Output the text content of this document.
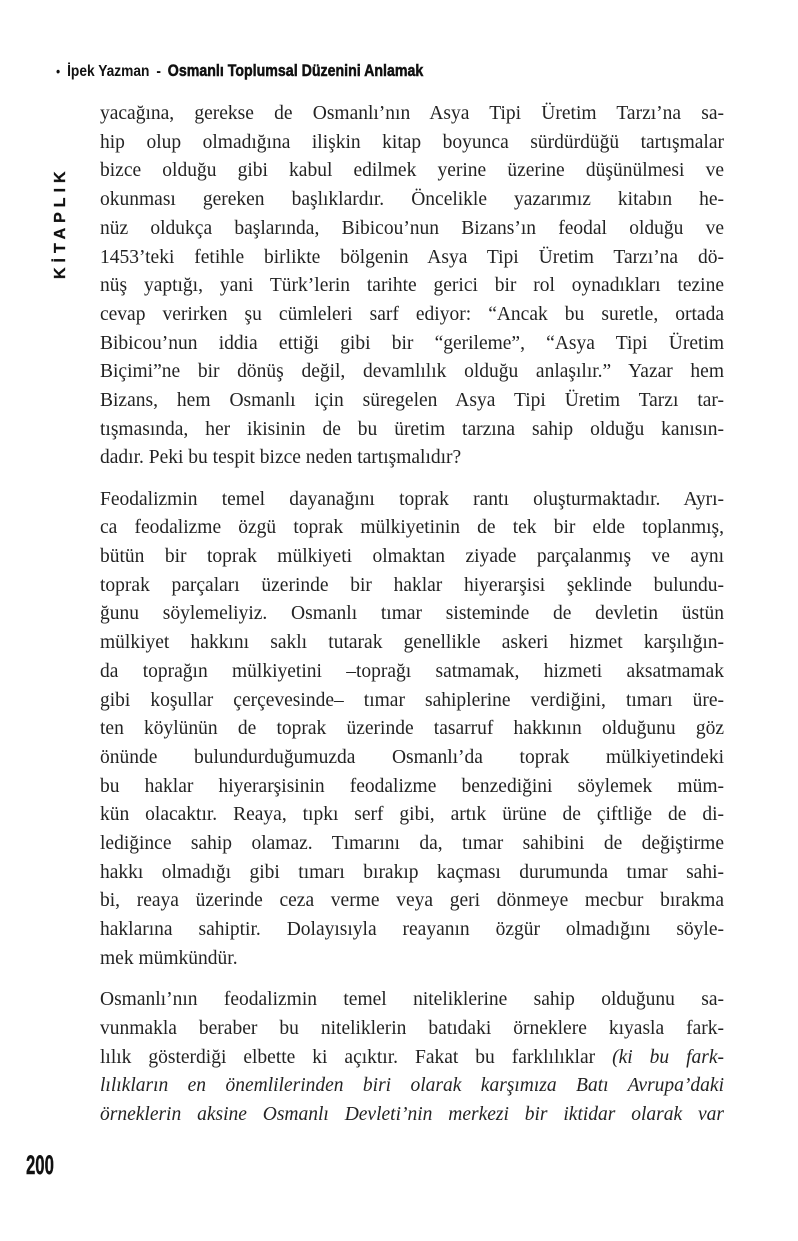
• İpek Yazman - Osmanlı Toplumsal Düzenini Anlamak
KİTAPLIK
yacağına, gerekse de Osmanlı’nın Asya Tipi Üretim Tarzı’na sa-
hip olup olmadığına ilişkin kitap boyunca sürdürdüğü tartışmalar
bizce olduğu gibi kabul edilmek yerine üzerine düşünülmesi ve
okunması gereken başlıklardır. Öncelikle yazarımız kitabın he-
nüz oldukça başlarında, Bibicou’nun Bizans’ın feodal olduğu ve
1453’teki fetihle birlikte bölgenin Asya Tipi Üretim Tarzı’na dö-
nüş yaptığı, yani Türk’lerin tarihte gerici bir rol oynadıkları tezine
cevap verirken şu cümleleri sarf ediyor: “Ancak bu suretle, ortada
Bibicou’nun iddia ettiği gibi bir “gerileme”, “Asya Tipi Üretim
Biçimi”ne bir dönüş değil, devamlılık olduğu anlaşılır.” Yazar hem
Bizans, hem Osmanlı için süregelen Asya Tipi Üretim Tarzı tar-
tışmasında, her ikisinin de bu üretim tarzına sahip olduğu kanısın-
dadır. Peki bu tespit bizce neden tartışmalıdır?
Feodalizmin temel dayanağını toprak rantı oluşturmaktadır. Ayrı-
ca feodalizme özgü toprak mülkiyetinin de tek bir elde toplanmış,
bütün bir toprak mülkiyeti olmaktan ziyade parçalanmış ve aynı
toprak parçaları üzerinde bir haklar hiyerarşisi şeklinde bulundu-
ğunu söylemeliyiz. Osmanlı tımar sisteminde de devletin üstün
mülkiyet hakkını saklı tutarak genellikle askeri hizmet karşılığın-
da toprağın mülkiyetini –toprağı satmamak, hizmeti aksatmamak
gibi koşullar çerçevesinde– tımar sahiplerine verdiğini, tımarı üre-
ten köylünün de toprak üzerinde tasarruf hakkının olduğunu göz
önünde bulundurduğumuzda Osmanlı’da toprak mülkiyetindeki
bu haklar hiyerarşisinin feodalizme benzediğini söylemek müm-
kün olacaktır. Reaya, tıpkı serf gibi, artık ürüne de çiftliğe de di-
lediğince sahip olamaz. Tımarını da, tımar sahibini de değiştirme
hakkı olmadığı gibi tımarı bırakıp kaçması durumunda tımar sahi-
bi, reaya üzerinde ceza verme veya geri dönmeye mecbur bırakma
haklarına sahiptir. Dolayısıyla reayanın özgür olmadığını söyle-
mek mümkündür.
Osmanlı’nın feodalizmin temel niteliklerine sahip olduğunu sa-
vunmakla beraber bu niteliklerin batıdaki örneklere kıyasla fark-
lılık gösterdiği elbette ki açıktır. Fakat bu farklılıklar (ki bu fark-
lılıkların en önemlilerinden biri olarak karşımıza Batı Avrupa’daki
örneklerin aksine Osmanlı Devleti’nin merkezi bir iktidar olarak var
200
